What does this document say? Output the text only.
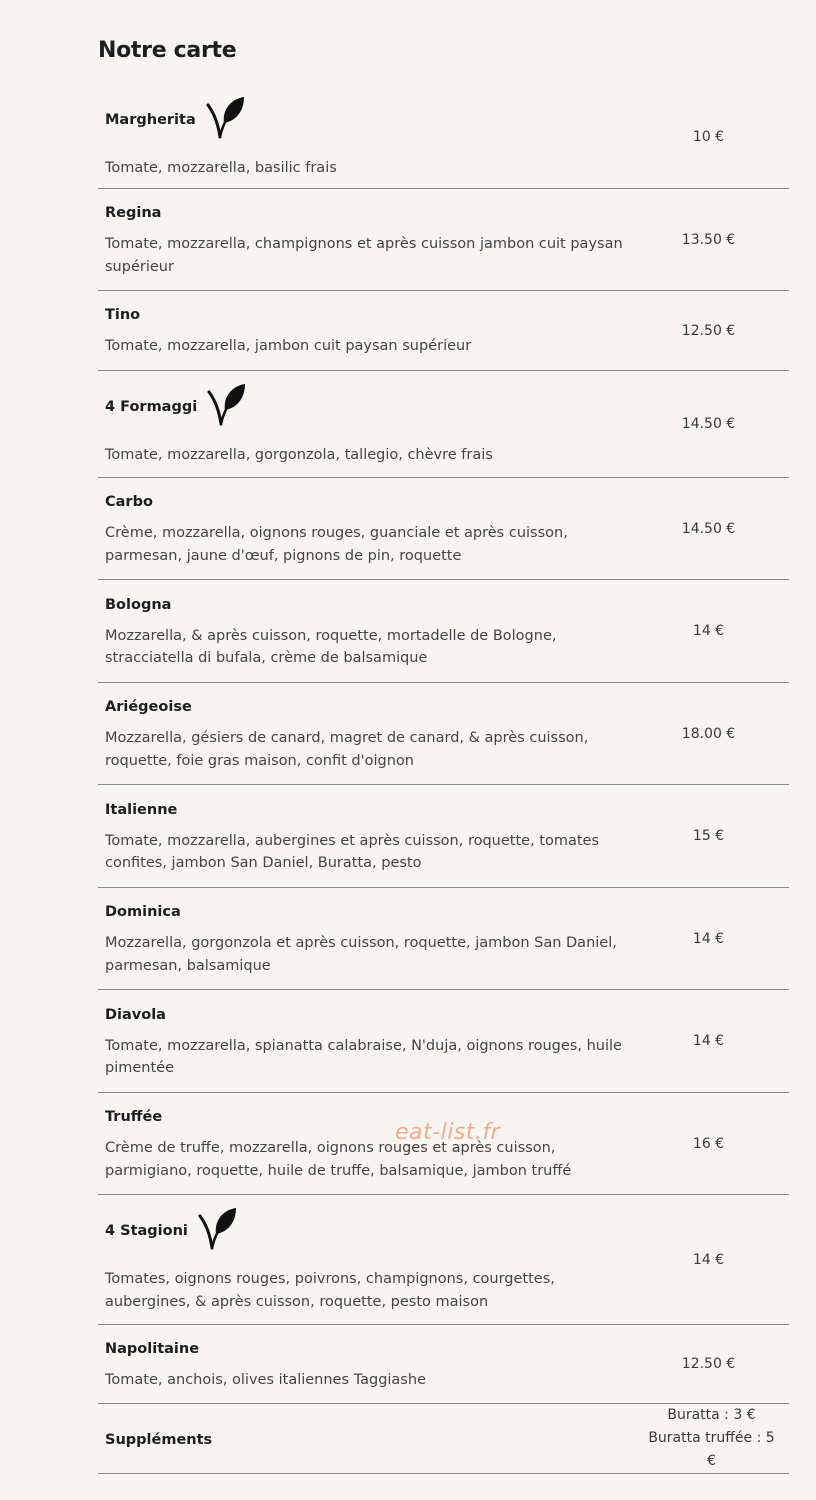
Notre carte
Margherita
Tomate, mozzarella, basilic frais
10 €
Regina
Tomate, mozzarella, champignons et après cuisson jambon cuit paysan supérieur
13.50 €
Tino
Tomate, mozzarella, jambon cuit paysan supérieur
12.50 €
4 Formaggi
Tomate, mozzarella, gorgonzola, tallegio, chèvre frais
14.50 €
Carbo
Crème, mozzarella, oignons rouges, guanciale et après cuisson, parmesan, jaune d'œuf, pignons de pin, roquette
14.50 €
Bologna
Mozzarella, & après cuisson, roquette, mortadelle de Bologne, stracciatella di bufala, crème de balsamique
14 €
Ariégeoise
Mozzarella, gésiers de canard, magret de canard, & après cuisson, roquette, foie gras maison, confit d'oignon
18.00 €
Italienne
Tomate, mozzarella, aubergines et après cuisson, roquette, tomates confites, jambon San Daniel, Buratta, pesto
15 €
Dominica
Mozzarella, gorgonzola et après cuisson, roquette, jambon San Daniel, parmesan, balsamique
14 €
Diavola
Tomate, mozzarella, spianatta calabraise, N'duja, oignons rouges, huile pimentée
14 €
Truffée
Crème de truffe, mozzarella, oignons rouges et après cuisson, parmigiano, roquette, huile de truffe, balsamique, jambon truffé
16 €
4 Stagioni
Tomates, oignons rouges, poivrons, champignons, courgettes, aubergines, & après cuisson, roquette, pesto maison
14 €
Napolitaine
Tomate, anchois, olives italiennes Taggiashe
12.50 €
Suppléments
Buratta : 3 €
Buratta truffée : 5 €
eat-list.fr
